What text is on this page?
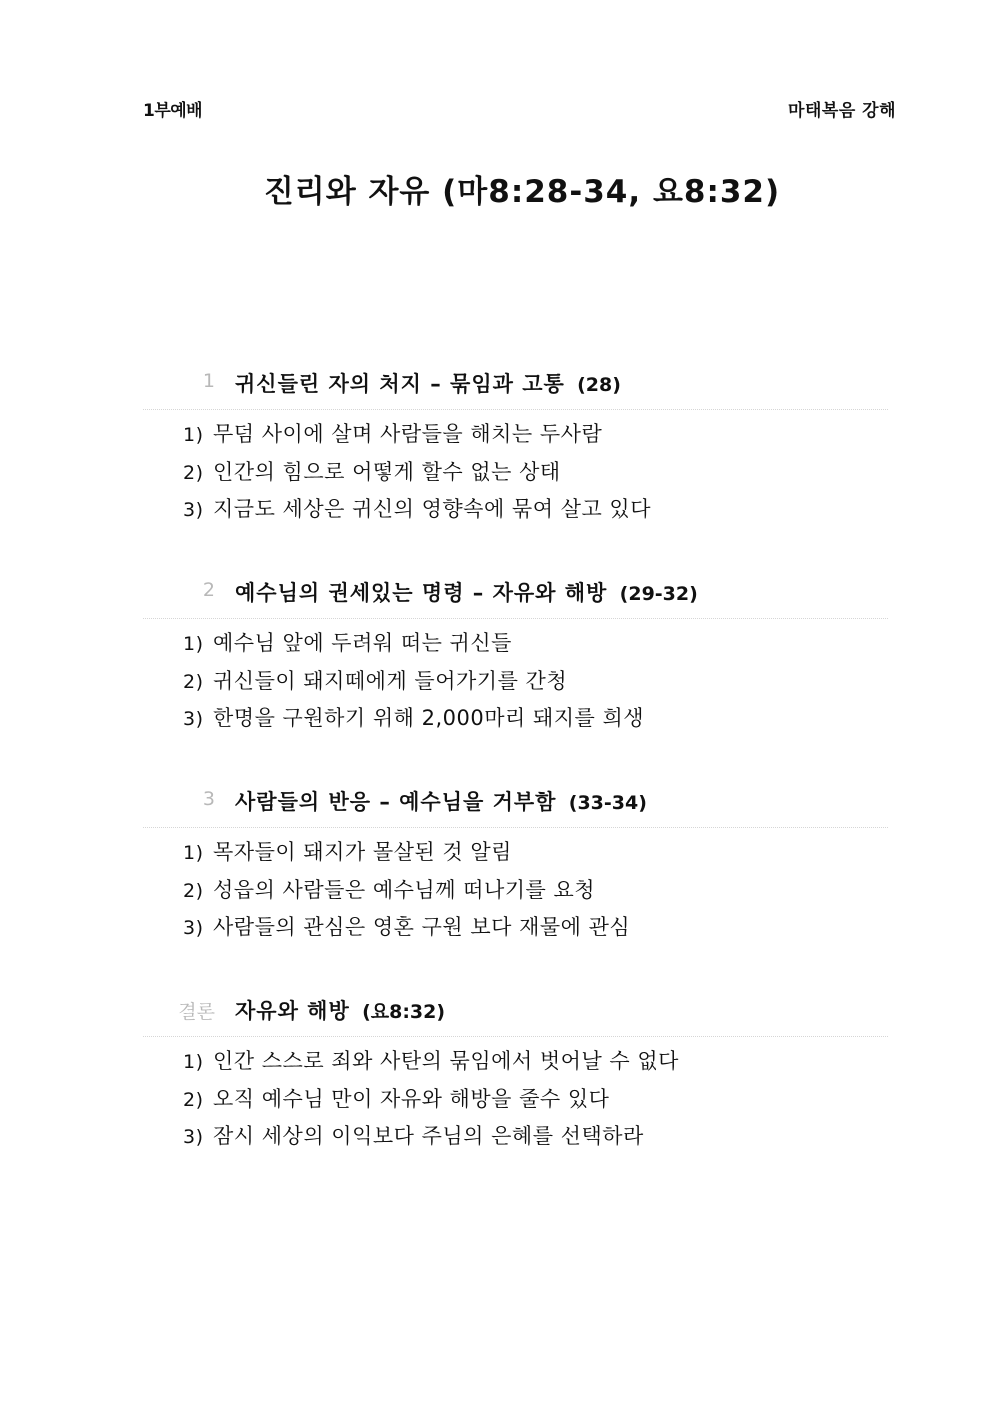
1부예배	마태복음 강해
진리와 자유 (마8:28-34, 요8:32)
1 귀신들린 자의 처지 – 묶임과 고통 (28)
1) 무덤 사이에 살며 사람들을 해치는 두사람
2) 인간의 힘으로 어떻게 할수 없는 상태
3) 지금도 세상은 귀신의 영향속에 묶여 살고 있다
2 예수님의 권세있는 명령 – 자유와 해방 (29-32)
1) 예수님 앞에 두려워 떠는 귀신들
2) 귀신들이 돼지떼에게 들어가기를 간청
3) 한명을 구원하기 위해 2,000마리 돼지를 희생
3 사람들의 반응 – 예수님을 거부함 (33-34)
1) 목자들이 돼지가 몰살된 것 알림
2) 성읍의 사람들은 예수님께 떠나기를 요청
3) 사람들의 관심은 영혼 구원 보다 재물에 관심
결론 자유와 해방 (요8:32)
1) 인간 스스로 죄와 사탄의 묶임에서 벗어날 수 없다
2) 오직 예수님 만이 자유와 해방을 줄수 있다
3) 잠시 세상의 이익보다 주님의 은혜를 선택하라
